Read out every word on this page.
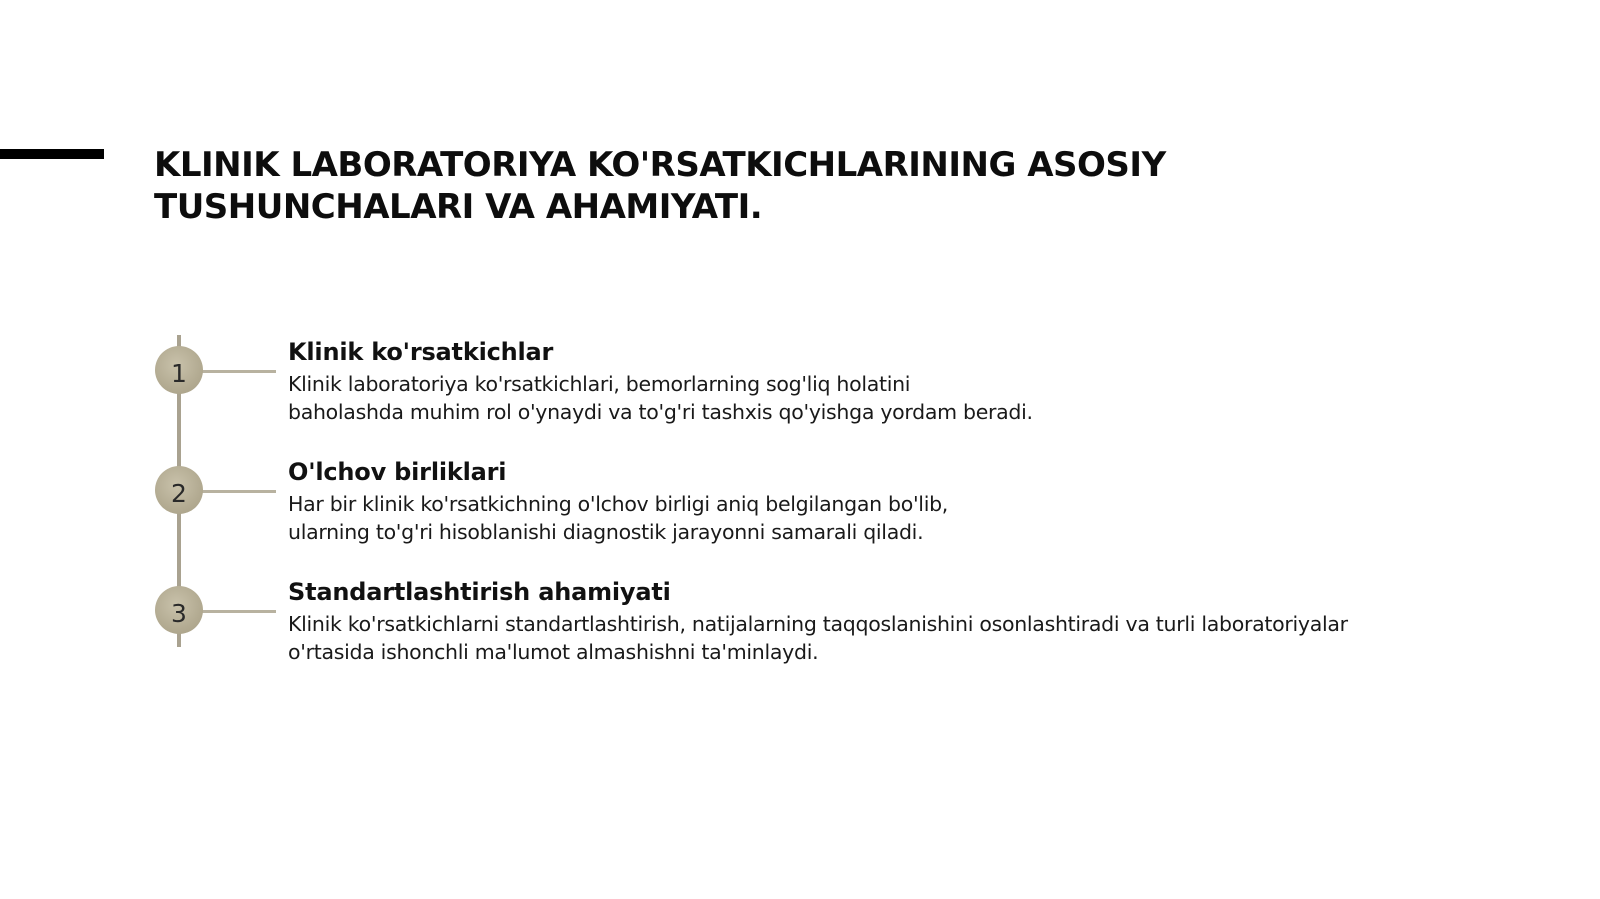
KLINIK LABORATORIYA KO'RSATKICHLARINING ASOSIY
TUSHUNCHALARI VA AHAMIYATI.
1
Klinik ko'rsatkichlar

Klinik laboratoriya ko'rsatkichlari, bemorlarning sog'liq holatini
baholashda muhim rol o'ynaydi va to'g'ri tashxis qo'yishga yordam beradi.

2
O'lchov birliklari

Har bir klinik ko'rsatkichning o'lchov birligi aniq belgilangan bo'lib,
ularning to'g'ri hisoblanishi diagnostik jarayonni samarali qiladi.

3
Standartlashtirish ahamiyati

Klinik ko'rsatkichlarni standartlashtirish, natijalarning taqqoslanishini osonlashtiradi va turli laboratoriyalar
o'rtasida ishonchli ma'lumot almashishni ta'minlaydi.
